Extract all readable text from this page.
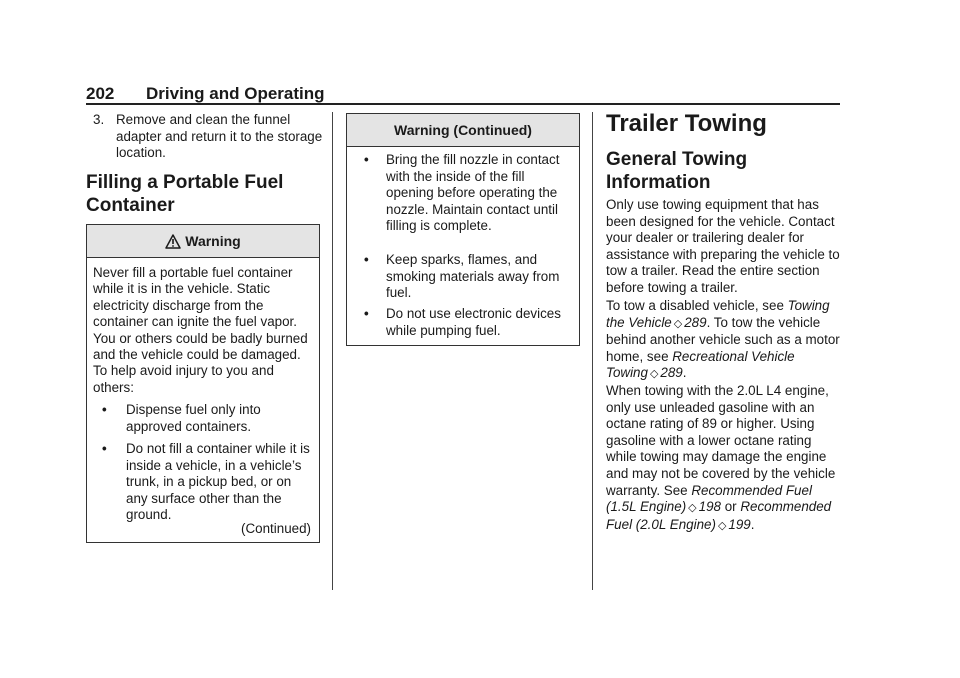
202 Driving and Operating
3. Remove and clean the funnel adapter and return it to the storage location.
Filling a Portable Fuel
Container
Warning
Never fill a portable fuel container while it is in the vehicle. Static electricity discharge from the container can ignite the fuel vapor. You or others could be badly burned and the vehicle could be damaged. To help avoid injury to you and others:
• Dispense fuel only into approved containers.
• Do not fill a container while it is inside a vehicle, in a vehicle’s trunk, in a pickup bed, or on any surface other than the ground.
(Continued)
Warning (Continued)
• Bring the fill nozzle in contact with the inside of the fill opening before operating the nozzle. Maintain contact until filling is complete.
• Keep sparks, flames, and smoking materials away from fuel.
• Do not use electronic devices while pumping fuel.
Trailer Towing
General Towing
Information
Only use towing equipment that has been designed for the vehicle. Contact your dealer or trailering dealer for assistance with preparing the vehicle to tow a trailer. Read the entire section before towing a trailer.
To tow a disabled vehicle, see Towing the Vehicle ◇ 289. To tow the vehicle behind another vehicle such as a motor home, see Recreational Vehicle Towing ◇ 289.
When towing with the 2.0L L4 engine, only use unleaded gasoline with an octane rating of 89 or higher. Using gasoline with a lower octane rating while towing may damage the engine and may not be covered by the vehicle warranty. See Recommended Fuel (1.5L Engine) ◇ 198 or Recommended Fuel (2.0L Engine) ◇ 199.
